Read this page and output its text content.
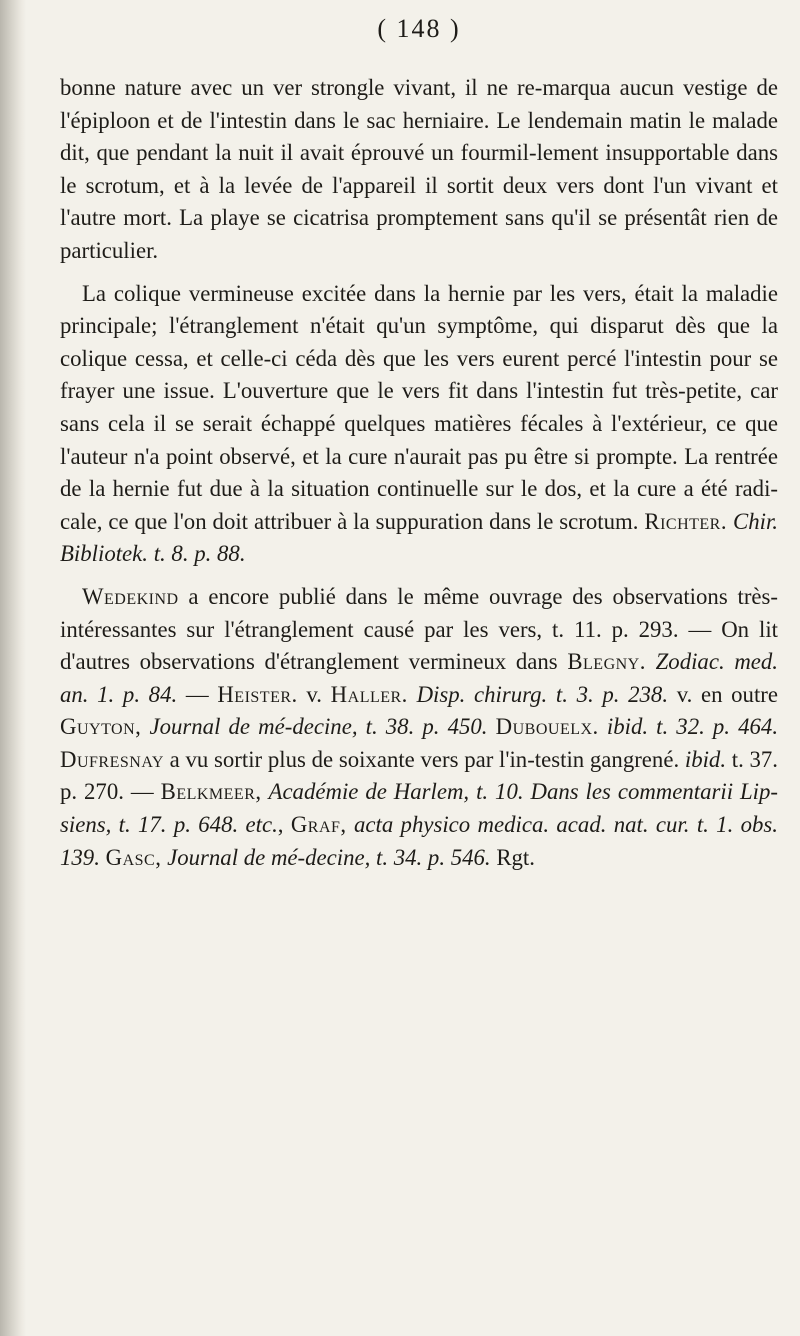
( 148 )

bonne nature avec un ver strongle vivant, il ne re-marqua aucun vestige de l'épiploon et de l'intestin dans le sac herniaire. Le lendemain matin le malade dit, que pendant la nuit il avait éprouvé un fourmil-lement insupportable dans le scrotum, et à la levée de l'appareil il sortit deux vers dont l'un vivant et l'autre mort. La playe se cicatrisa promptement sans qu'il se présentât rien de particulier.

La colique vermineuse excitée dans la hernie par les vers, était la maladie principale; l'étranglement n'était qu'un symptôme, qui disparut dès que la colique cessa, et celle-ci céda dès que les vers eurent percé l'intestin pour se frayer une issue. L'ouverture que le vers fit dans l'intestin fut très-petite, car sans cela il se serait échappé quelques matières fécales à l'extérieur, ce que l'auteur n'a point observé, et la cure n'aurait pas pu être si prompte. La rentrée de la hernie fut due à la situation continuelle sur le dos, et la cure a été radi-cale, ce que l'on doit attribuer à la suppuration dans le scrotum. Richter. Chir. Bibliotek. t. 8. p. 88.

Wedekind a encore publié dans le même ouvrage des observations très-intéressantes sur l'étranglement causé par les vers, t. 11. p. 293. — On lit d'autres observations d'étranglement vermineux dans Blegny. Zodiac. med. an. 1. p. 84. — Heister. v. Haller. Disp. chirurg. t. 3. p. 238. v. en outre Guyton, Journal de mé-decine, t. 38. p. 450. Dubouelx. ibid. t. 32. p. 464. Dufresnay a vu sortir plus de soixante vers par l'in-testin gangrené. ibid. t. 37. p. 270. — Belkmeer, Académie de Harlem, t. 10. Dans les commentarii Lip-siens, t. 17. p. 648. etc., Graf, acta physico medica. acad. nat. cur. t. 1. obs. 139. Gasc, Journal de mé-decine, t. 34. p. 546. Rgt.
